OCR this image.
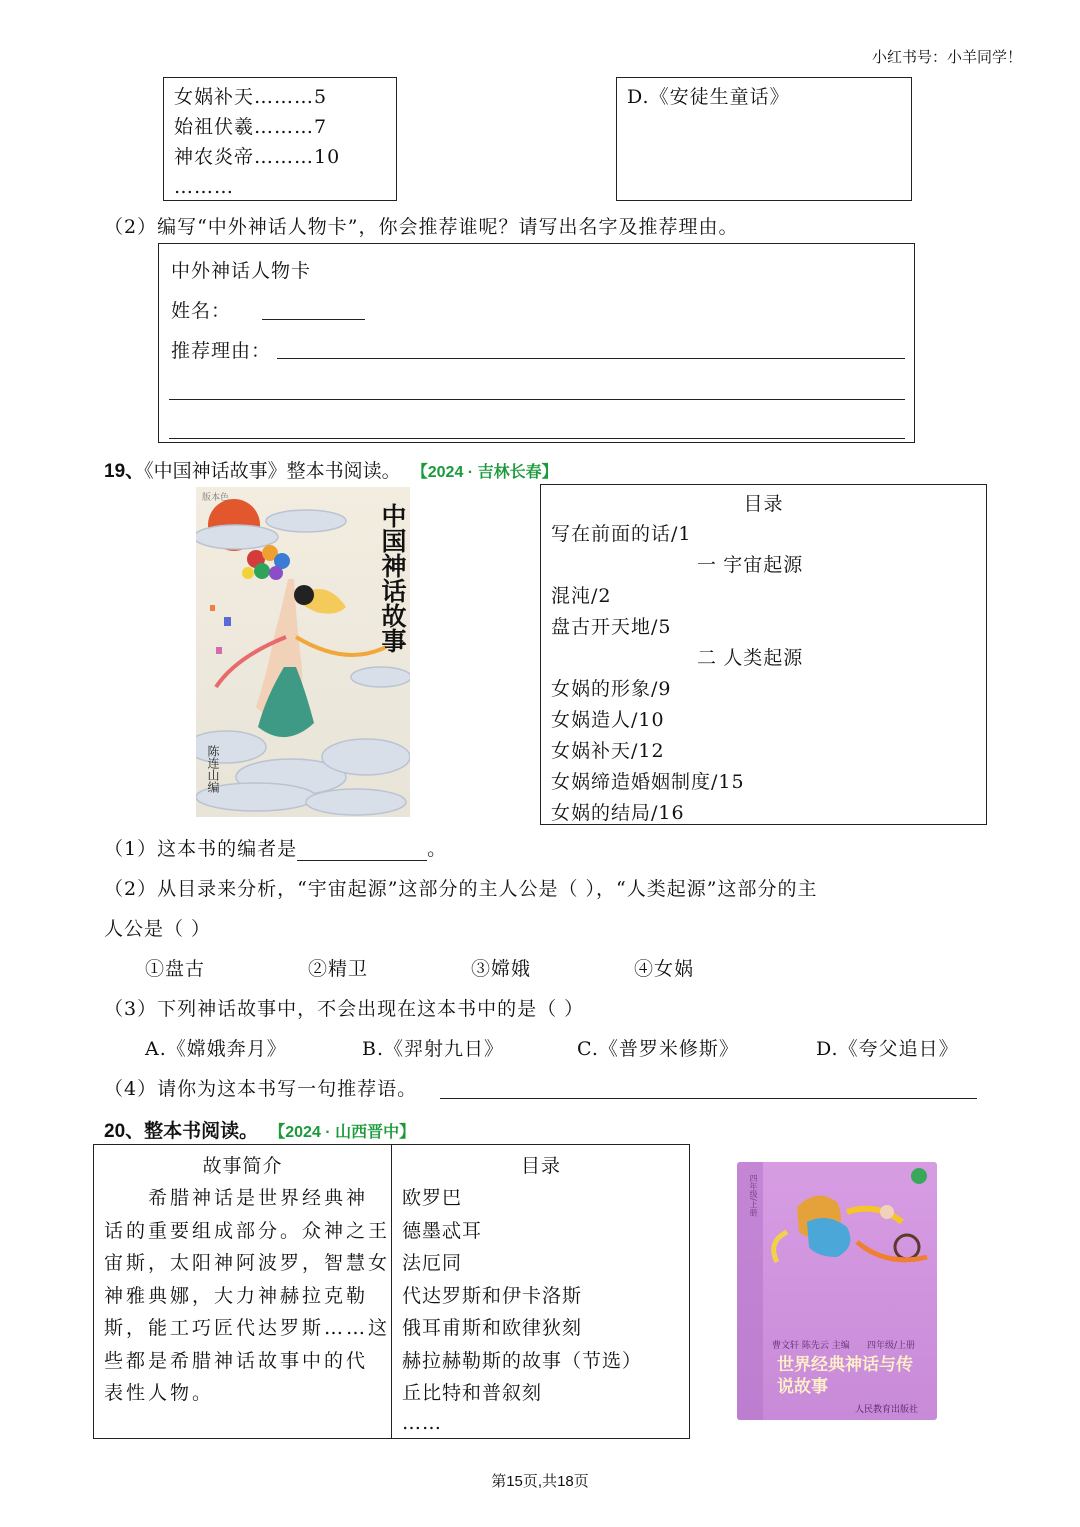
小红书号：小羊同学！
女娲补天………5
始祖伏羲………7
神农炎帝………10
………
D.《安徒生童话》
（2）编写“中外神话人物卡”，你会推荐谁呢？请写出名字及推荐理由。
中外神话人物卡
姓名：
推荐理由：
19、《中国神话故事》整本书阅读。 【2024 · 吉林长春】
版本色
中国神话故事
陈连山编
目录
写在前面的话/1
一 宇宙起源
混沌/2
盘古开天地/5
二 人类起源
女娲的形象/9
女娲造人/10
女娲补天/12
女娲缔造婚姻制度/15
女娲的结局/16
（1）这本书的编者是	。
（2）从目录来分析，“宇宙起源”这部分的主人公是（ ），“人类起源”这部分的主
人公是（ ）
①盘古	②精卫	③嫦娥	④女娲
（3）下列神话故事中，不会出现在这本书中的是（ ）
A.《嫦娥奔月》	B.《羿射九日》	C.《普罗米修斯》	D.《夸父追日》
（4）请你为这本书写一句推荐语。
20、整本书阅读。 【2024 · 山西晋中】
故事简介	目录
希腊神话是世界经典神
话的重要组成部分。众神之王
宙斯，太阳神阿波罗，智慧女
神雅典娜，大力神赫拉克勒
斯，能工巧匠代达罗斯……这
些都是希腊神话故事中的代
表性人物。
欧罗巴
德墨忒耳
法厄同
代达罗斯和伊卡洛斯
俄耳甫斯和欧律狄刻
赫拉赫勒斯的故事（节选）
丘比特和普叙刻
……
四年级/上册
曹文轩 陈先云 主编 四年级/上册
世界经典神话与传说故事
人民教育出版社
第15页,共18页
